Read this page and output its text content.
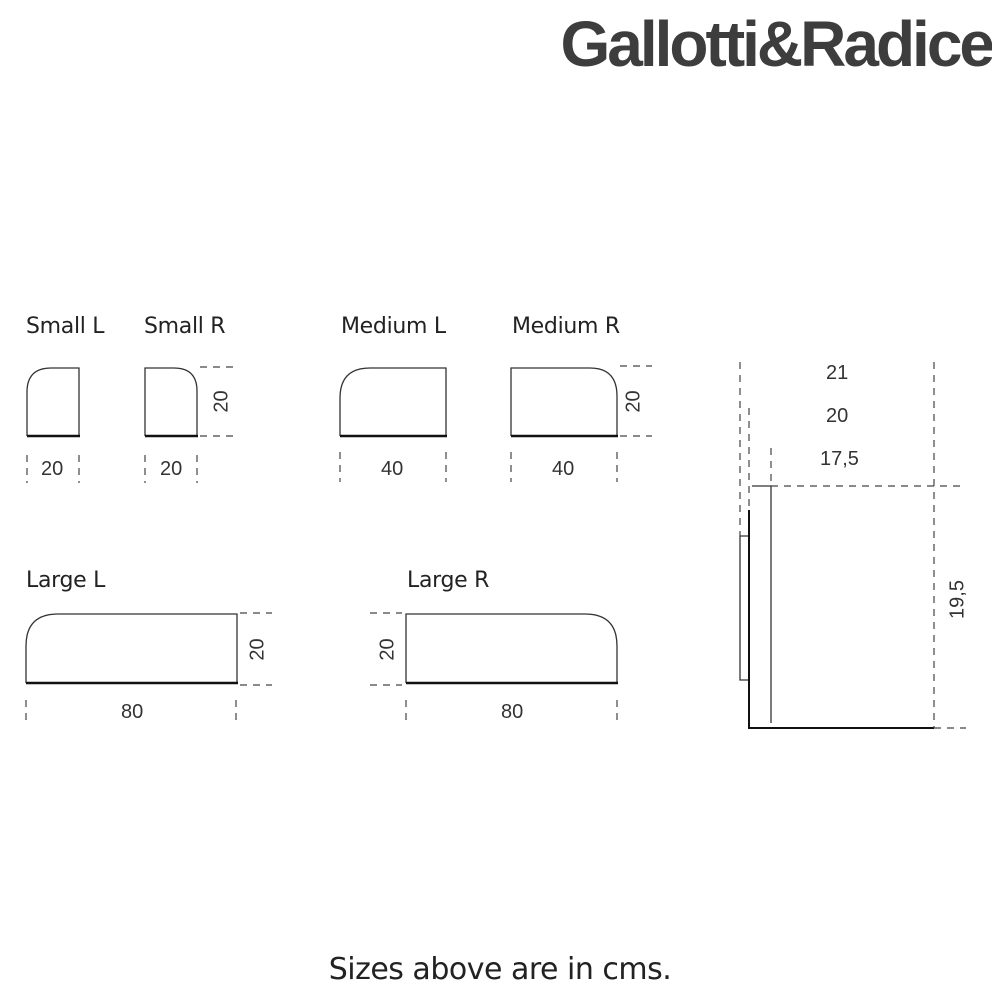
Gallotti&Radice
Small L Small R	Medium L	Medium R
Large L	Large R
20	20	40	40
80	80
20	20
20	20
21
20
17,5
19,5
Sizes above are in cms.
